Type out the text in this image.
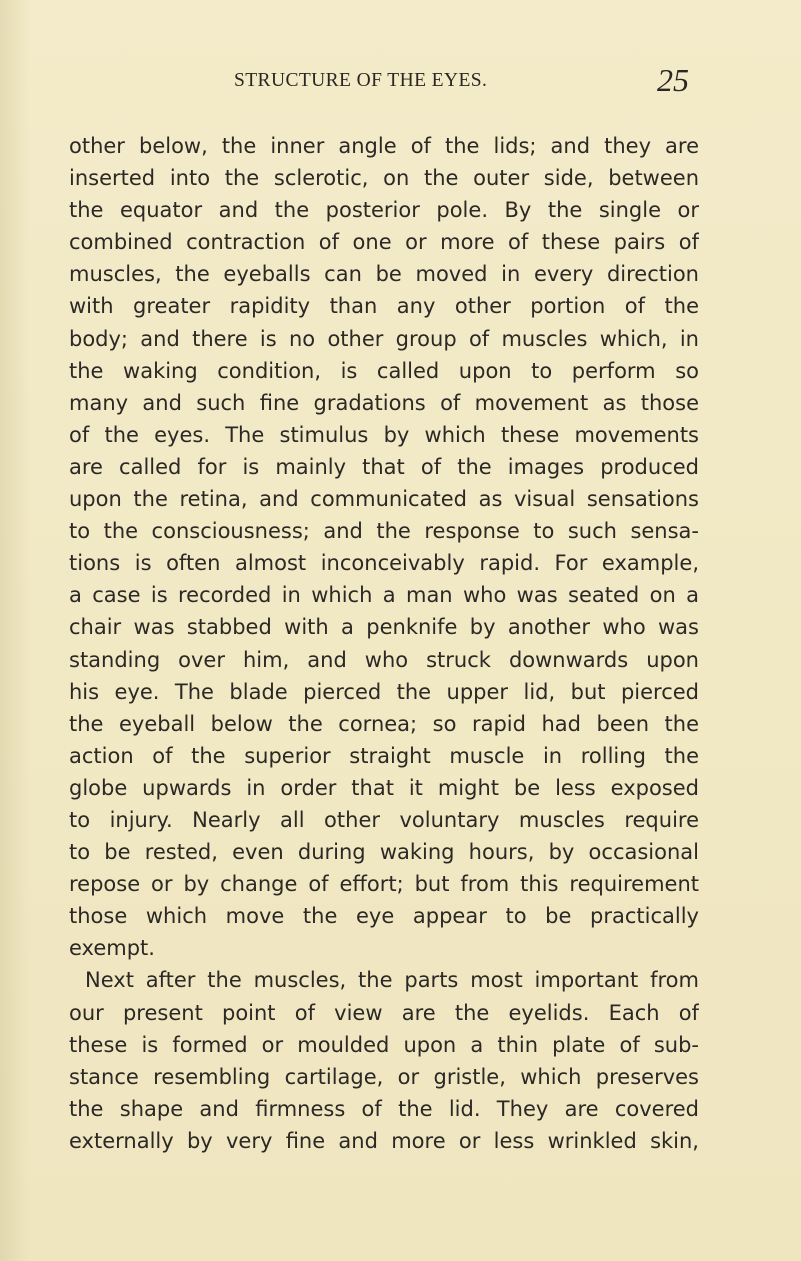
STRUCTURE OF THE EYES.	25
other below, the inner angle of the lids; and they are
inserted into the sclerotic, on the outer side, between
the equator and the posterior pole. By the single or
combined contraction of one or more of these pairs of
muscles, the eyeballs can be moved in every direction
with greater rapidity than any other portion of the
body; and there is no other group of muscles which, in
the waking condition, is called upon to perform so
many and such fine gradations of movement as those
of the eyes. The stimulus by which these movements
are called for is mainly that of the images produced
upon the retina, and communicated as visual sensations
to the consciousness; and the response to such sensa-
tions is often almost inconceivably rapid. For example,
a case is recorded in which a man who was seated on a
chair was stabbed with a penknife by another who was
standing over him, and who struck downwards upon
his eye. The blade pierced the upper lid, but pierced
the eyeball below the cornea; so rapid had been the
action of the superior straight muscle in rolling the
globe upwards in order that it might be less exposed
to injury. Nearly all other voluntary muscles require
to be rested, even during waking hours, by occasional
repose or by change of effort; but from this requirement
those which move the eye appear to be practically
exempt.
Next after the muscles, the parts most important from
our present point of view are the eyelids. Each of
these is formed or moulded upon a thin plate of sub-
stance resembling cartilage, or gristle, which preserves
the shape and firmness of the lid. They are covered
externally by very fine and more or less wrinkled skin,
